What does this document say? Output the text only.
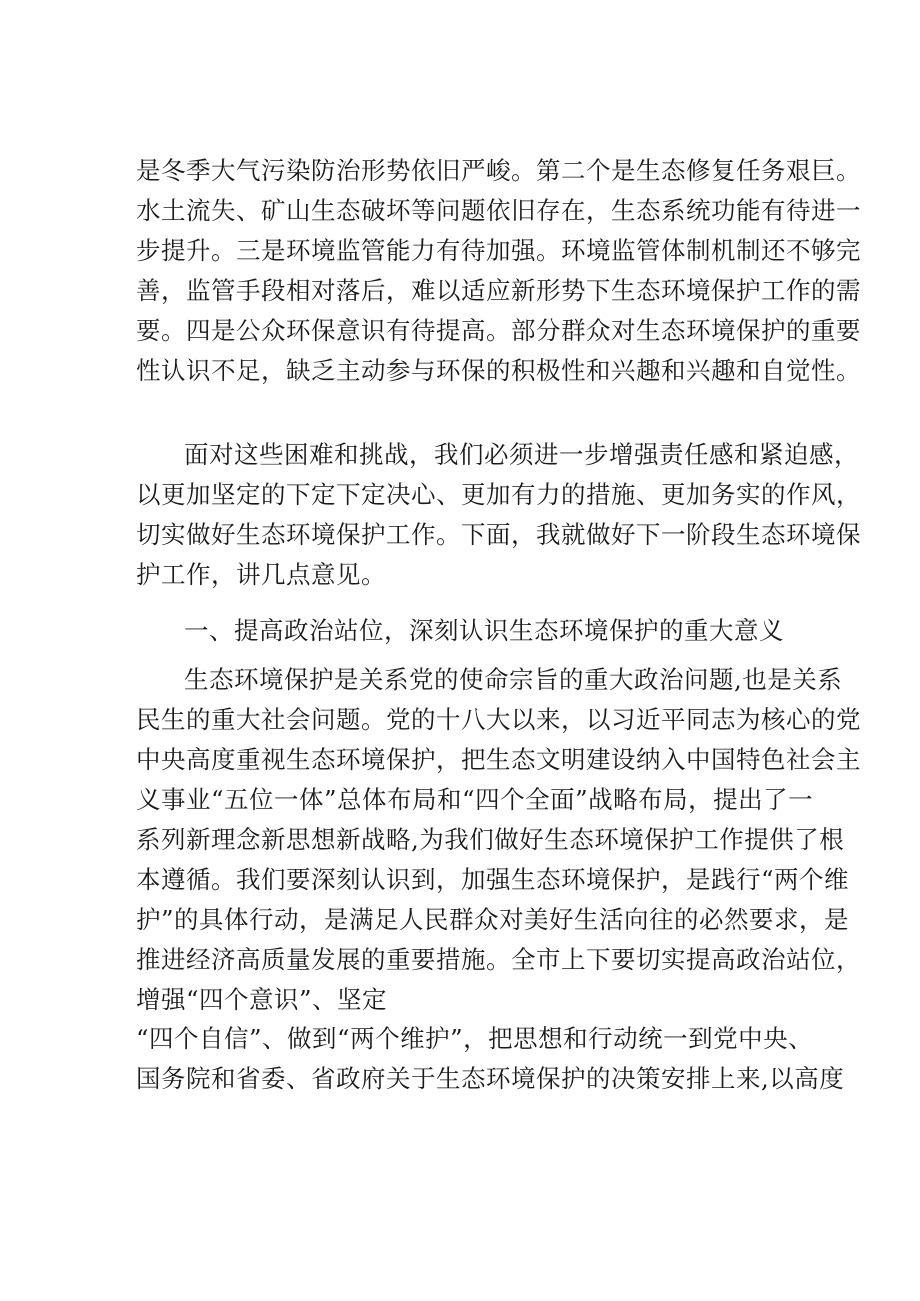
是冬季大气污染防治形势依旧严峻。第二个是生态修复任务艰巨。
水土流失、矿山生态破坏等问题依旧存在，生态系统功能有待进一
步提升。三是环境监管能力有待加强。环境监管体制机制还不够完
善，监管手段相对落后，难以适应新形势下生态环境保护工作的需
要。四是公众环保意识有待提高。部分群众对生态环境保护的重要
性认识不足，缺乏主动参与环保的积极性和兴趣和兴趣和自觉性。
面对这些困难和挑战，我们必须进一步增强责任感和紧迫感，
以更加坚定的下定下定决心、更加有力的措施、更加务实的作风，
切实做好生态环境保护工作。下面，我就做好下一阶段生态环境保
护工作，讲几点意见。
一、提高政治站位，深刻认识生态环境保护的重大意义
生态环境保护是关系党的使命宗旨的重大政治问题,也是关系
民生的重大社会问题。党的十八大以来，以习近平同志为核心的党
中央高度重视生态环境保护，把生态文明建设纳入中国特色社会主
义事业“五位一体”总体布局和“四个全面”战略布局，提出了一
系列新理念新思想新战略,为我们做好生态环境保护工作提供了根
本遵循。我们要深刻认识到，加强生态环境保护，是践行“两个维
护”的具体行动，是满足人民群众对美好生活向往的必然要求，是
推进经济高质量发展的重要措施。全市上下要切实提高政治站位，
增强“四个意识”、坚定
“四个自信”、做到“两个维护”，把思想和行动统一到党中央、
国务院和省委、省政府关于生态环境保护的决策安排上来,以高度
